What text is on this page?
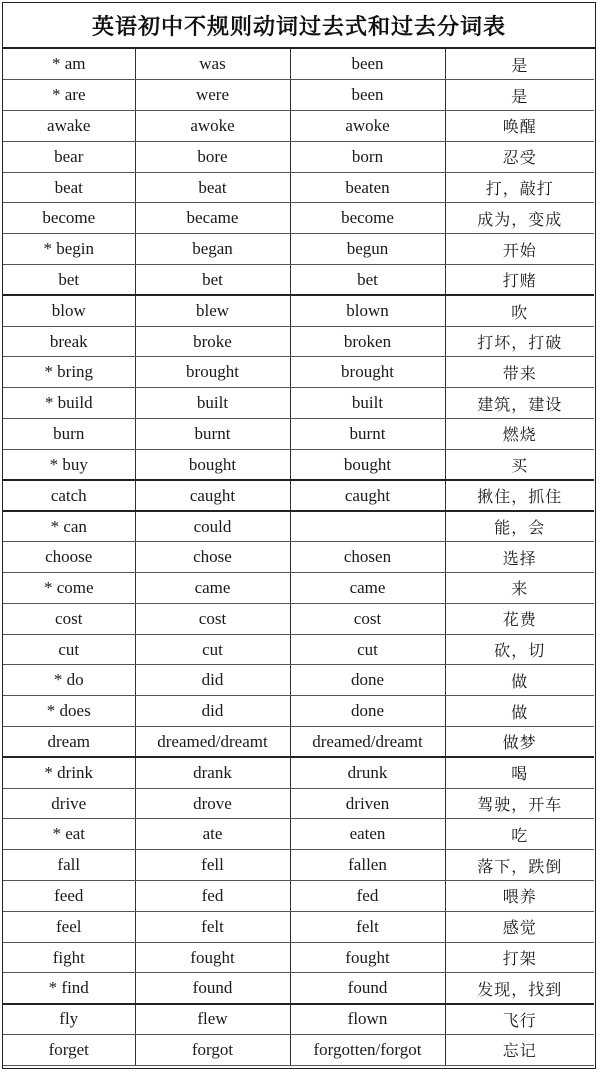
英语初中不规则动词过去式和过去分词表
* am	was	been	是
* are	were	been	是
awake	awoke	awoke	唤醒
bear	bore	born	忍受
beat	beat	beaten	打，敲打
become	became	become	成为，变成
* begin	began	begun	开始
bet	bet	bet	打赌
blow	blew	blown	吹
break	broke	broken	打坏，打破
* bring	brought	brought	带来
* build	built	built	建筑，建设
burn	burnt	burnt	燃烧
* buy	bought	bought	买
catch	caught	caught	揪住，抓住
* can	could		能，会
choose	chose	chosen	选择
* come	came	came	来
cost	cost	cost	花费
cut	cut	cut	砍，切
* do	did	done	做
* does	did	done	做
dream	dreamed/dreamt	dreamed/dreamt	做梦
* drink	drank	drunk	喝
drive	drove	driven	驾驶，开车
* eat	ate	eaten	吃
fall	fell	fallen	落下，跌倒
feed	fed	fed	喂养
feel	felt	felt	感觉
fight	fought	fought	打架
* find	found	found	发现，找到
fly	flew	flown	飞行
forget	forgot	forgotten/forgot	忘记
